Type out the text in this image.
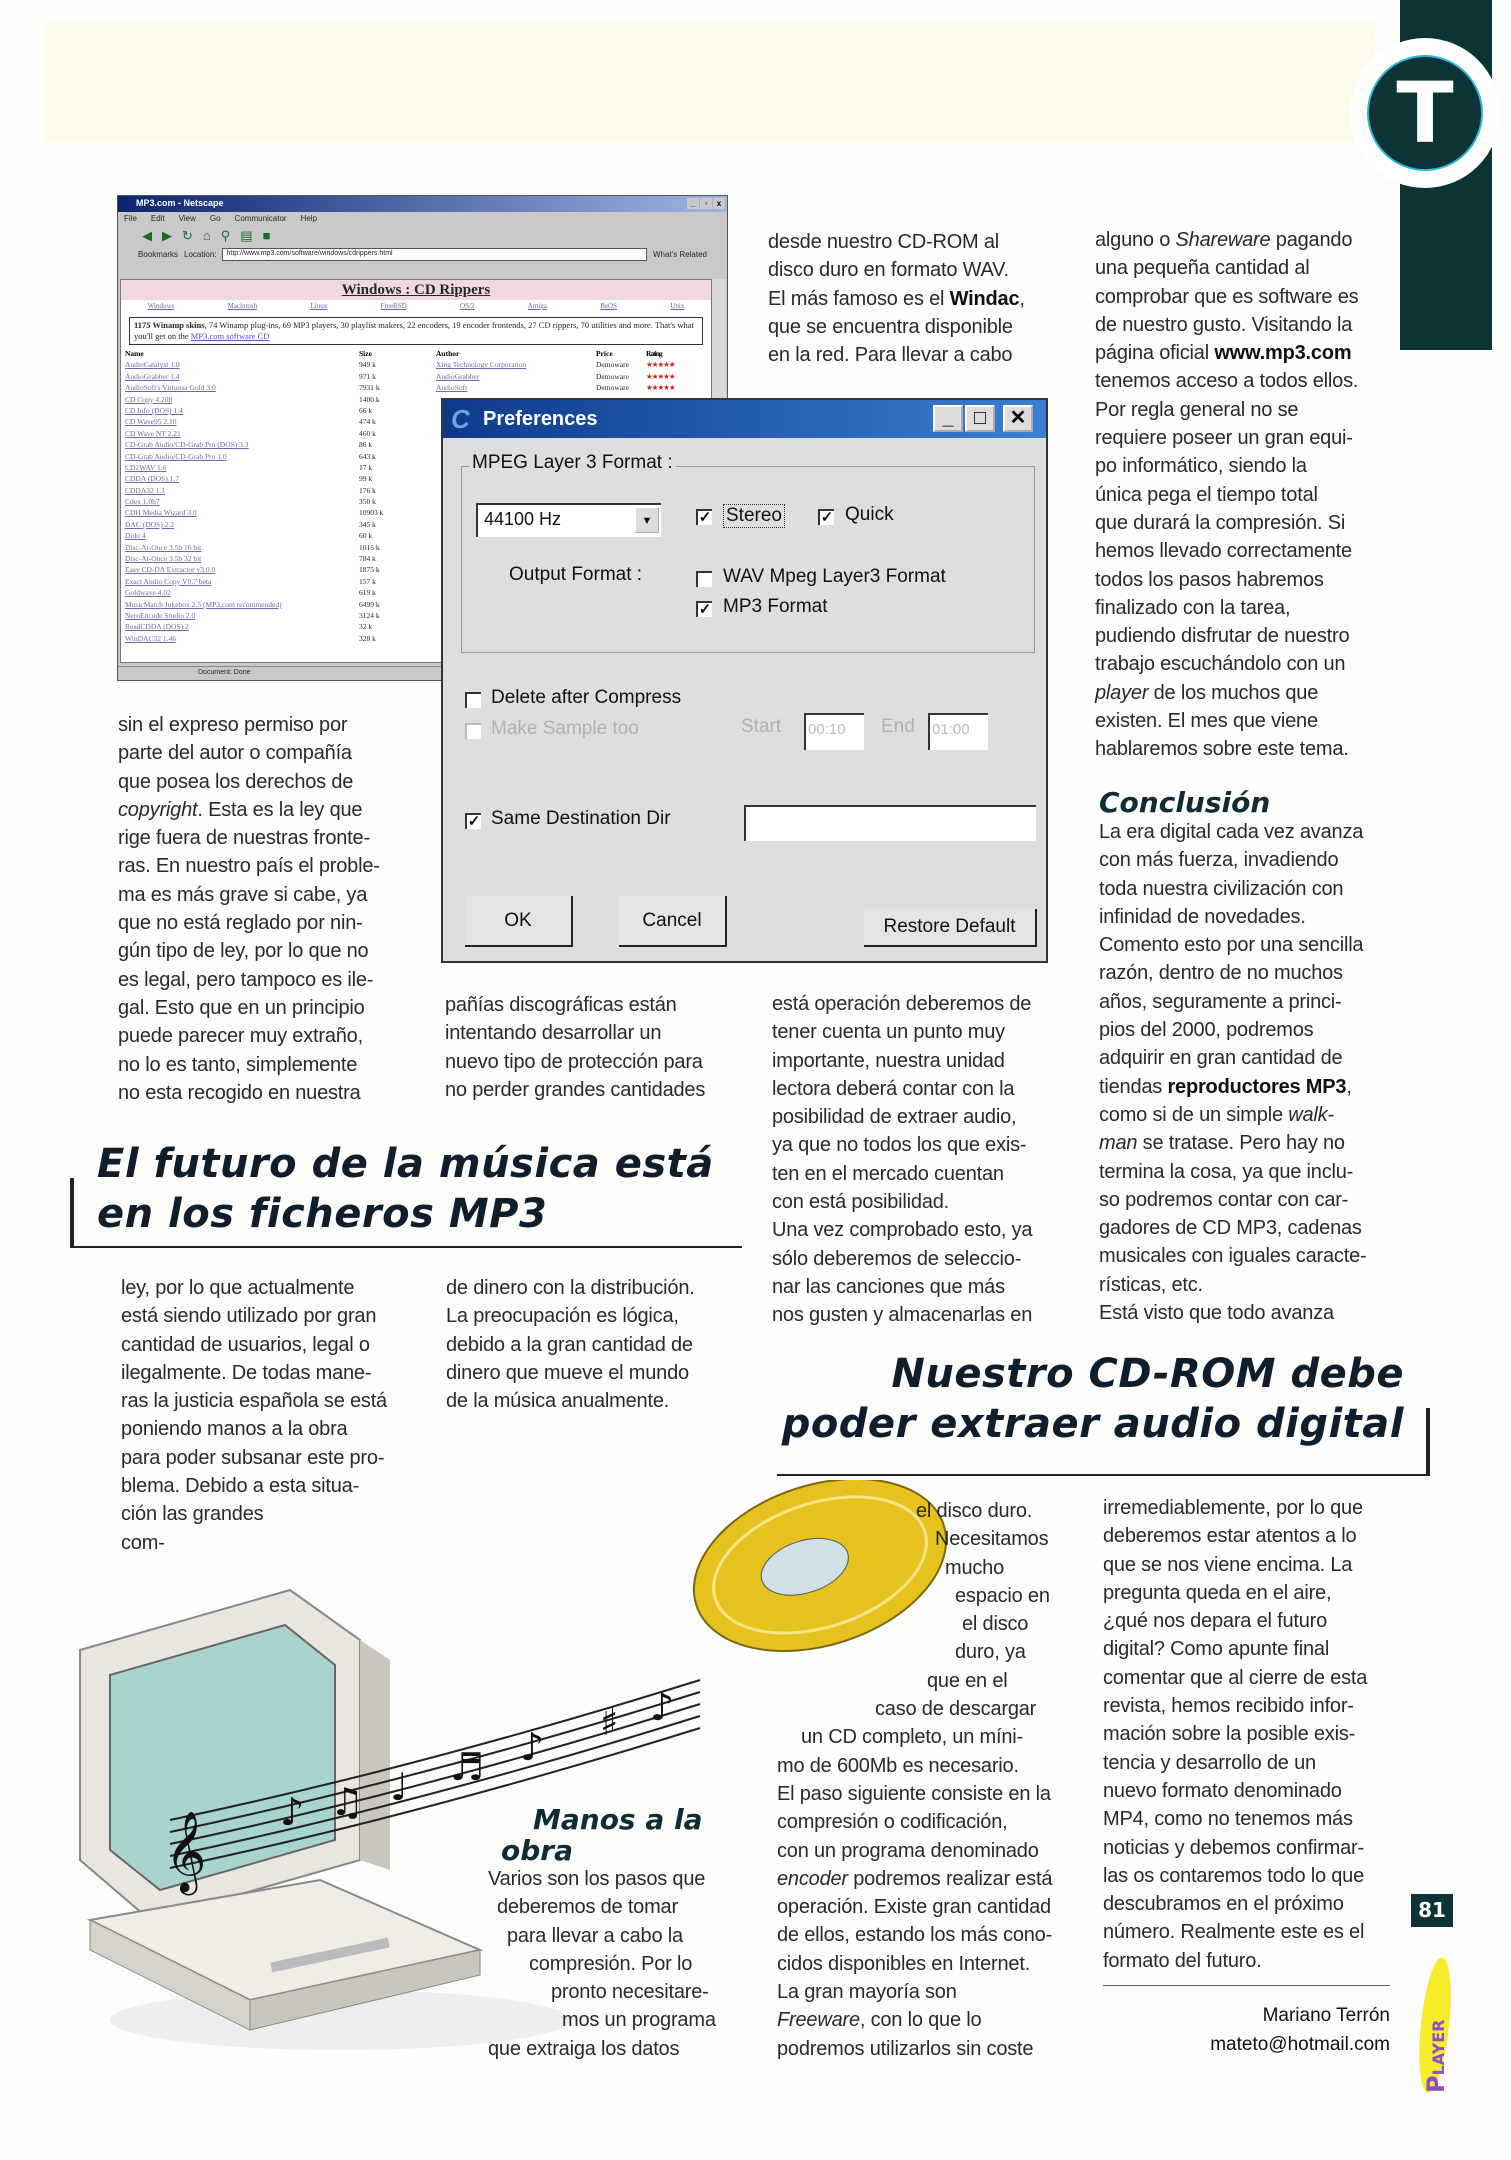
T
MP3.com - Netscape	_	▫	x
File Edit View Go Communicator Help
◀ ▶ ↻ ⌂ ⚲ ▤ ■
Bookmarks Location:	http://www.mp3.com/software/windows/cdrippers.html	What's Related
Windows : CD Rippers
Windows	Macintosh	Linux	FreeBSD	OS/2	Amiga	BeOS	Unix
1175 Winamp skins, 74 Winamp plug-ins, 69 MP3 players, 30 playlist makers, 22 encoders, 19 encoder frontends, 27 CD rippers, 70 utilities and more. That's what you'll get on the MP3.com software CD
Name	Size	Author	Price	Rating
AudioCatalyst 1.0	949 k	Xing Technology Corporation	Demoware ★★★★★
AudioGrabber 1.4	971 k	AudioGrabber	Demoware ★★★★★
AudioSoft's Virtuosa Gold 3.0	7931 k	AudioSoft	Demoware ★★★★★
CD Copy 4.208	1400 k
CD Info (DOS) 1.4	66 k
CD Wave95 2.10	474 k
CD Wave NT 2.21	460 k
CD-Grab Audio/CD-Grab Pro (DOS) 3.3	86 k
CD-Grab Audio/CD-Grab Pro 1.0	643 k
CD2WAV 1.6	17 k
CDDA (DOS) 1.7	99 k
CDDA32 1.1	176 k
Cdex 1.0b7	350 k
CDH Media Wizard 3.0	10903 k
DAC (DOS) 2.2	345 k
Dido 4	60 k
Disc-At-Once 3.5b 16 bit	1015 k
Disc-At-Once 3.5b 32 bit	784 k
Easy CD-DA Extractor v3.0.0	1875 k
Exact Audio Copy V0.7 beta	157 k
Goldwave 4.02	619 k
MusicMatch Jukebox 2.5 (MP3.com recommended)	6499 k
NeroEncode Studio 2.0	3124 k
ReadCDDA (DOS) 2	32 k
WinDAC32 1.46	328 k
Document: Done
C Preferences	_	□	✕
MPEG Layer 3 Format :
44100 Hz	▼	✓ Stereo	✓ Quick
Output Format :	WAV Mpeg Layer3 Format
✓ MP3 Format
Delete after Compress
Make Sample too	Start 00:10	End 01:00
✓ Same Destination Dir
OK	Cancel	Restore Default
sin el expreso permiso por
parte del autor o compañía
que posea los derechos de
copyright. Esta es la ley que
rige fuera de nuestras fronte-
ras. En nuestro país el proble-
ma es más grave si cabe, ya
que no está reglado por nin-
gún tipo de ley, por lo que no
es legal, pero tampoco es ile-
gal. Esto que en un principio
puede parecer muy extraño,
no lo es tanto, simplemente
no esta recogido en nuestra
pañías discográficas están
intentando desarrollar un
nuevo tipo de protección para
no perder grandes cantidades
desde nuestro CD-ROM al
disco duro en formato WAV.
El más famoso es el Windac,
que se encuentra disponible
en la red. Para llevar a cabo
está operación deberemos de
tener cuenta un punto muy
importante, nuestra unidad
lectora deberá contar con la
posibilidad de extraer audio,
ya que no todos los que exis-
ten en el mercado cuentan
con está posibilidad.
Una vez comprobado esto, ya
sólo deberemos de seleccio-
nar las canciones que más
nos gusten y almacenarlas en
alguno o Shareware pagando
una pequeña cantidad al
comprobar que es software es
de nuestro gusto. Visitando la
página oficial www.mp3.com
tenemos acceso a todos ellos.
Por regla general no se
requiere poseer un gran equi-
po informático, siendo la
única pega el tiempo total
que durará la compresión. Si
hemos llevado correctamente
todos los pasos habremos
finalizado con la tarea,
pudiendo disfrutar de nuestro
trabajo escuchándolo con un
player de los muchos que
existen. El mes que viene
hablaremos sobre este tema.
Conclusión
La era digital cada vez avanza
con más fuerza, invadiendo
toda nuestra civilización con
infinidad de novedades.
Comento esto por una sencilla
razón, dentro de no muchos
años, seguramente a princi-
pios del 2000, podremos
adquirir en gran cantidad de
tiendas reproductores MP3,
como si de un simple walk-
man se tratase. Pero hay no
termina la cosa, ya que inclu-
so podremos contar con car-
gadores de CD MP3, cadenas
musicales con iguales caracte-
rísticas, etc.
Está visto que todo avanza
El futuro de la música está
en los ficheros MP3
ley, por lo que actualmente
está siendo utilizado por gran
cantidad de usuarios, legal o
ilegalmente. De todas mane-
ras la justicia española se está
poniendo manos a la obra
para poder subsanar este pro-
blema. Debido a esta situa-
ción las grandes
com-
de dinero con la distribución.
La preocupación es lógica,
debido a la gran cantidad de
dinero que mueve el mundo
de la música anualmente.
Nuestro CD-ROM debe
poder extraer audio digital
𝄞 ♪ ♫ ♩ ♬ ♪
♯ ♪
el disco duro.
Necesitamos
mucho
espacio en
el disco
duro, ya
que en el
caso de descargar
un CD completo, un míni-
mo de 600Mb es necesario.
El paso siguiente consiste en la
compresión o codificación,
con un programa denominado
encoder podremos realizar está
operación. Existe gran cantidad
de ellos, estando los más cono-
cidos disponibles en Internet.
La gran mayoría son
Freeware, con lo que lo
podremos utilizarlos sin coste
Manos a la
obra
Varios son los pasos que
deberemos de tomar
para llevar a cabo la
compresión. Por lo
pronto necesitare-
mos un programa
que extraiga los datos
irremediablemente, por lo que
deberemos estar atentos a lo
que se nos viene encima. La
pregunta queda en el aire,
¿qué nos depara el futuro
digital? Como apunte final
comentar que al cierre de esta
revista, hemos recibido infor-
mación sobre la posible exis-
tencia y desarrollo de un
nuevo formato denominado
MP4, como no tenemos más
noticias y debemos confirmar-
las os contaremos todo lo que
descubramos en el próximo
número. Realmente este es el
formato del futuro.
Mariano Terrón
mateto@hotmail.com
81
PLAYER
